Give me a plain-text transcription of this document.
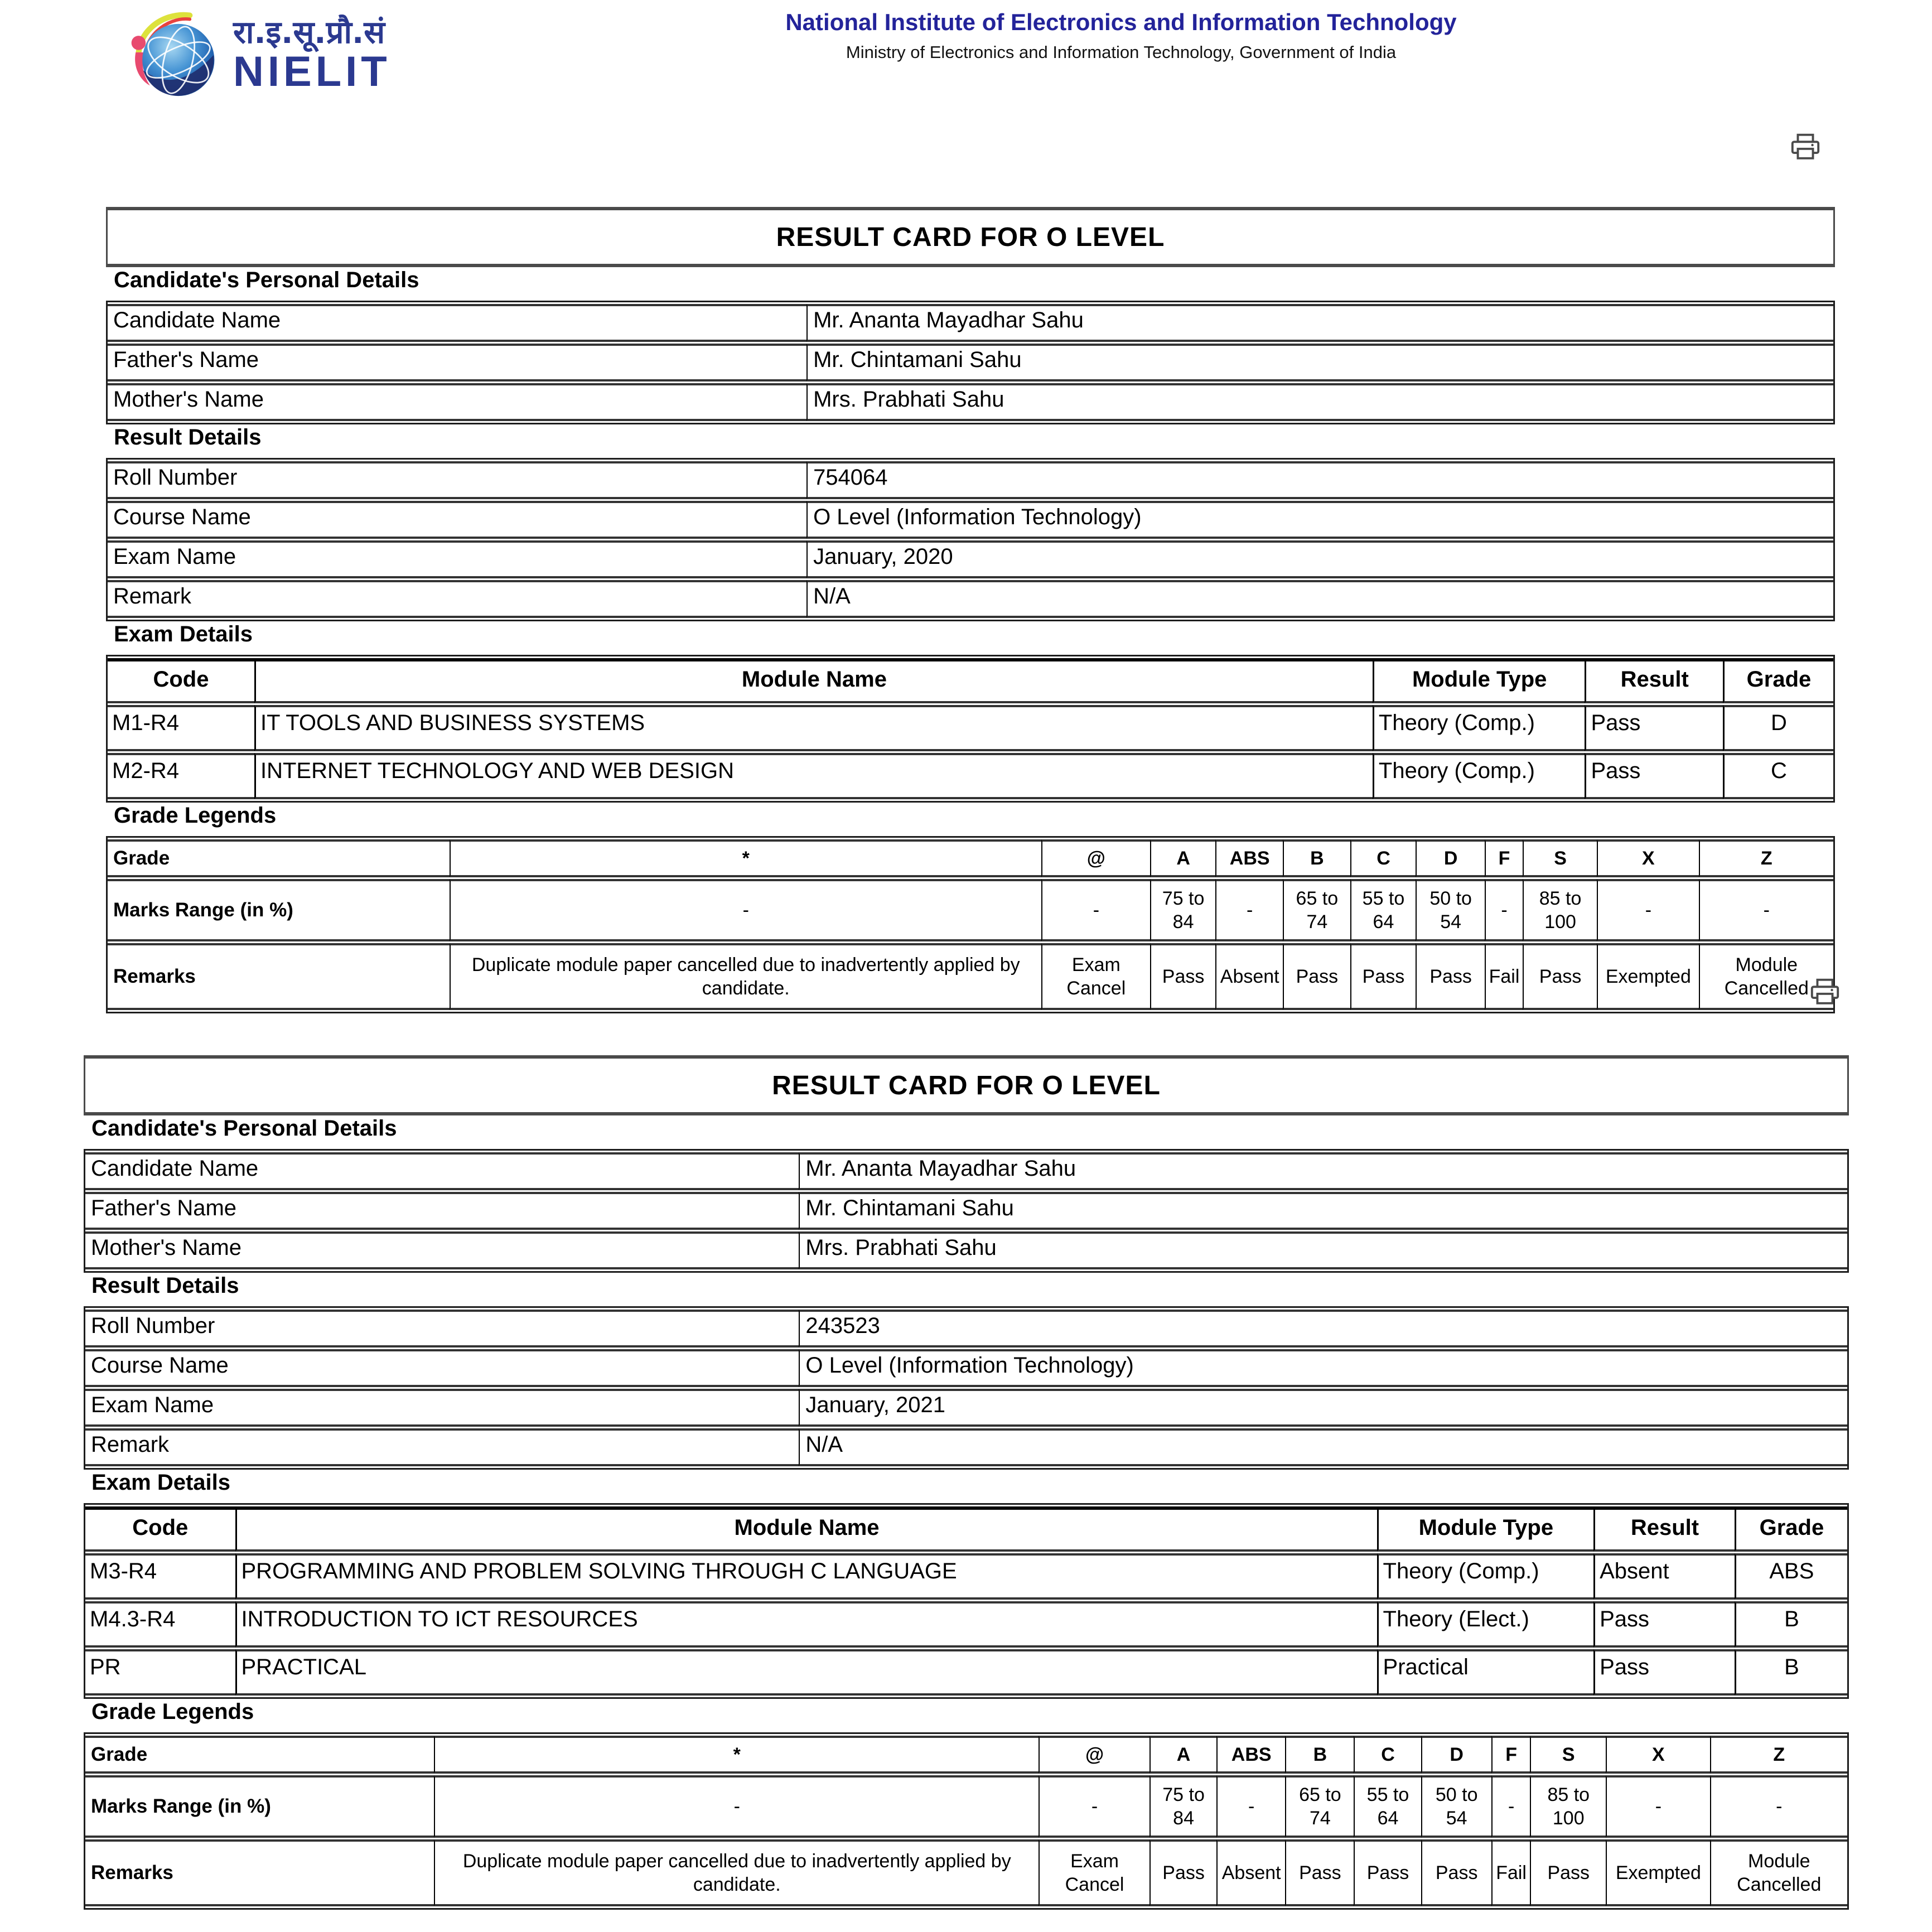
रा.इ.सू.प्रौ.सं
NIELIT
National Institute of Electronics and Information Technology
Ministry of Electronics and Information Technology, Government of India
RESULT CARD FOR O LEVEL
Candidate's Personal Details
Candidate Name	Mr. Ananta Mayadhar Sahu
Father's Name	Mr. Chintamani Sahu
Mother's Name	Mrs. Prabhati Sahu
Result Details
Roll Number	754064
Course Name	O Level (Information Technology)
Exam Name	January, 2020
Remark	N/A
Exam Details
Code	Module Name	Module Type	Result	Grade
M1-R4	IT TOOLS AND BUSINESS SYSTEMS	Theory (Comp.)	Pass	D
M2-R4	INTERNET TECHNOLOGY AND WEB DESIGN	Theory (Comp.)	Pass	C
Grade Legends
Grade	*	@	A	ABS	B	C	D	F	S	X	Z
Marks Range (in %)	-	-	75 to 84	-	65 to 74	55 to 64	50 to 54	-	85 to 100	-	-
Remarks	Duplicate module paper cancelled due to inadvertently applied by candidate.	Exam Cancel	Pass	Absent	Pass	Pass	Pass	Fail	Pass	Exempted	Module Cancelled
RESULT CARD FOR O LEVEL
Candidate's Personal Details
Candidate Name	Mr. Ananta Mayadhar Sahu
Father's Name	Mr. Chintamani Sahu
Mother's Name	Mrs. Prabhati Sahu
Result Details
Roll Number	243523
Course Name	O Level (Information Technology)
Exam Name	January, 2021
Remark	N/A
Exam Details
Code	Module Name	Module Type	Result	Grade
M3-R4	PROGRAMMING AND PROBLEM SOLVING THROUGH C LANGUAGE	Theory (Comp.)	Absent	ABS
M4.3-R4	INTRODUCTION TO ICT RESOURCES	Theory (Elect.)	Pass	B
PR	PRACTICAL	Practical	Pass	B
Grade Legends
Grade	*	@	A	ABS	B	C	D	F	S	X	Z
Marks Range (in %)	-	-	75 to 84	-	65 to 74	55 to 64	50 to 54	-	85 to 100	-	-
Remarks	Duplicate module paper cancelled due to inadvertently applied by candidate.	Exam Cancel	Pass	Absent	Pass	Pass	Pass	Fail	Pass	Exempted	Module Cancelled
